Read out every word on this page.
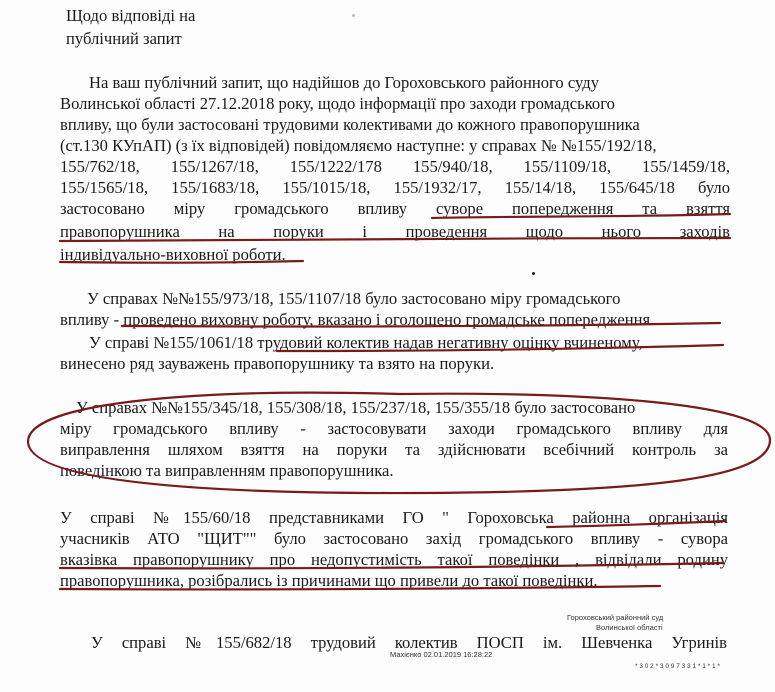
Щодо відповіді на
публічний запит
На ваш публічний запит, що надійшов до Гороховського районного суду
Волинської області 27.12.2018 року, щодо інформації про заходи громадського
впливу, що були застосовані трудовими колективами до кожного правопорушника
(ст.130 КУпАП) (з їх відповідей) повідомляємо наступне: у справах № №155/192/18,
155/762/18, 155/1267/18, 155/1222/178 155/940/18, 155/1109/18, 155/1459/18,
155/1565/18, 155/1683/18, 155/1015/18, 155/1932/17, 155/14/18, 155/645/18 було
застосовано міру громадського впливу суворе попередження та взяття
правопорушника на поруки і проведення щодо нього заходів
індивідуально-виховної роботи.
У справах №№155/973/18, 155/1107/18 було застосовано міру громадського
впливу - проведено виховну роботу, вказано і оголошено громадське попередження.
У справі №155/1061/18 трудовий колектив надав негативну оцінку вчиненому,
винесено ряд зауважень правопорушнику та взято на поруки.
У справах №№155/345/18, 155/308/18, 155/237/18, 155/355/18 було застосовано
міру громадського впливу - застосовувати заходи громадського впливу для
виправлення шляхом взяття на поруки та здійснювати всебічний контроль за
поведінкою та виправленням правопорушника.
У справі №155/60/18 представниками ГО " Гороховська районна організація
учасників АТО "ЩИТ"" було застосовано захід громадського впливу - сувора
вказівка правопорушнику про недопустимість такої поведінки , відвідали родину
правопорушника, розібрались із причинами що привели до такої поведінки.
У справі №155/682/18 трудовий колектив ПОСП ім. Шевченка Угринів
Гороховський районний суд
Волинської області
Махієнко 02.01.2019 16:28:22
* 3 0 2 * 3 0 9 7 3 3 1 * 1 * 1 *
